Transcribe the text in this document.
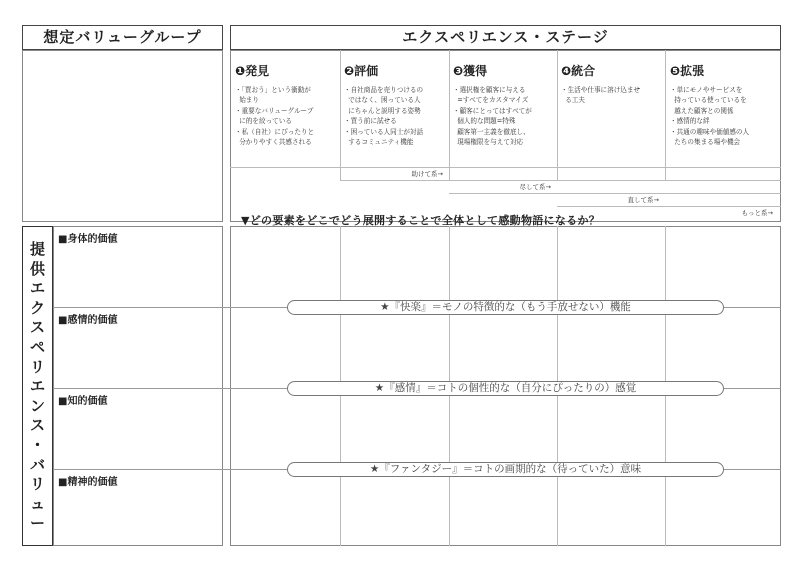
想定バリューグループ	エクスペリエンス・ステージ
❶発見
・「買おう」という衝動が
始まり
・重要なバリューグループ
に的を絞っている
・私（自社）にぴったりと
分かりやすく共感される
❷評価
・自社商品を売りつけるの
ではなく、困っている人
にちゃんと説明する姿勢
・買う前に試せる
・困っている人同士が対話
するコミュニティ機能
❸獲得
・選択権を顧客に与える
=すべてをカスタマイズ
・顧客にとってはすべてが
個人的な問題=特殊
顧客第一主義を徹底し、
現場権限を与えて対応
❹統合
・生活や仕事に溶け込ませ
る工夫
❺拡張
・単にモノやサービスを
持っている使っているを
越えた顧客との関係
・感情的な絆
・共通の趣味や価値感の人
たちの集まる場や機会
助けて系→
尽して系→
直して系→
もっと系→
▼どの要素をどこでどう展開することで全体として感動物語になるか？
提
供
エ
ク
ス
ペ
リ
エ
ン
ス
・
バ
リ
ュ
ー
■身体的価値
■感情的価値
■知的価値
■精神的価値
★『快楽』＝モノの特徴的な（もう手放せない）機能
★『感情』＝コトの個性的な（自分にぴったりの）感覚
★『ファンタジー』＝コトの画期的な（待っていた）意味
